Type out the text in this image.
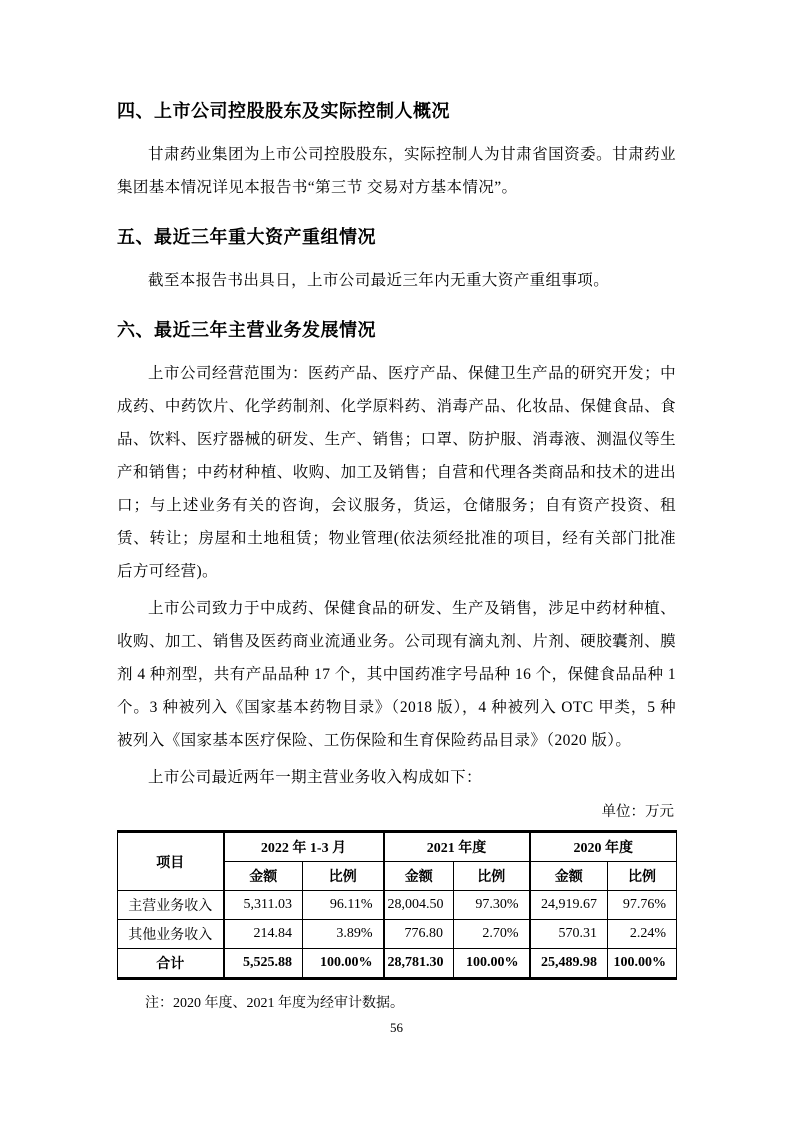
四、上市公司控股股东及实际控制人概况

甘肃药业集团为上市公司控股股东，实际控制人为甘肃省国资委。甘肃药业集团基本情况详见本报告书“第三节 交易对方基本情况”。

五、最近三年重大资产重组情况

截至本报告书出具日，上市公司最近三年内无重大资产重组事项。

六、最近三年主营业务发展情况

上市公司经营范围为：医药产品、医疗产品、保健卫生产品的研究开发；中成药、中药饮片、化学药制剂、化学原料药、消毒产品、化妆品、保健食品、食品、饮料、医疗器械的研发、生产、销售；口罩、防护服、消毒液、测温仪等生产和销售；中药材种植、收购、加工及销售；自营和代理各类商品和技术的进出口；与上述业务有关的咨询，会议服务，货运，仓储服务；自有资产投资、租赁、转让；房屋和土地租赁；物业管理(依法须经批准的项目，经有关部门批准后方可经营)。

上市公司致力于中成药、保健食品的研发、生产及销售，涉足中药材种植、收购、加工、销售及医药商业流通业务。公司现有滴丸剂、片剂、硬胶囊剂、膜剂 4 种剂型，共有产品品种 17 个，其中国药准字号品种 16 个，保健食品品种 1 个。3 种被列入《国家基本药物目录》（2018 版），4 种被列入 OTC 甲类，5 种被列入《国家基本医疗保险、工伤保险和生育保险药品目录》（2020 版）。

上市公司最近两年一期主营业务收入构成如下：

单位：万元
项目	2022 年 1-3 月		2021 年度		2020 年度	
	金额	比例	金额	比例	金额	比例
主营业务收入	5,311.03	96.11%	28,004.50	97.30%	24,919.67	97.76%
其他业务收入	214.84	3.89%	776.80	2.70%	570.31	2.24%
合计	5,525.88	100.00%	28,781.30	100.00%	25,489.98	100.00%

注：2020 年度、2021 年度为经审计数据。

56
